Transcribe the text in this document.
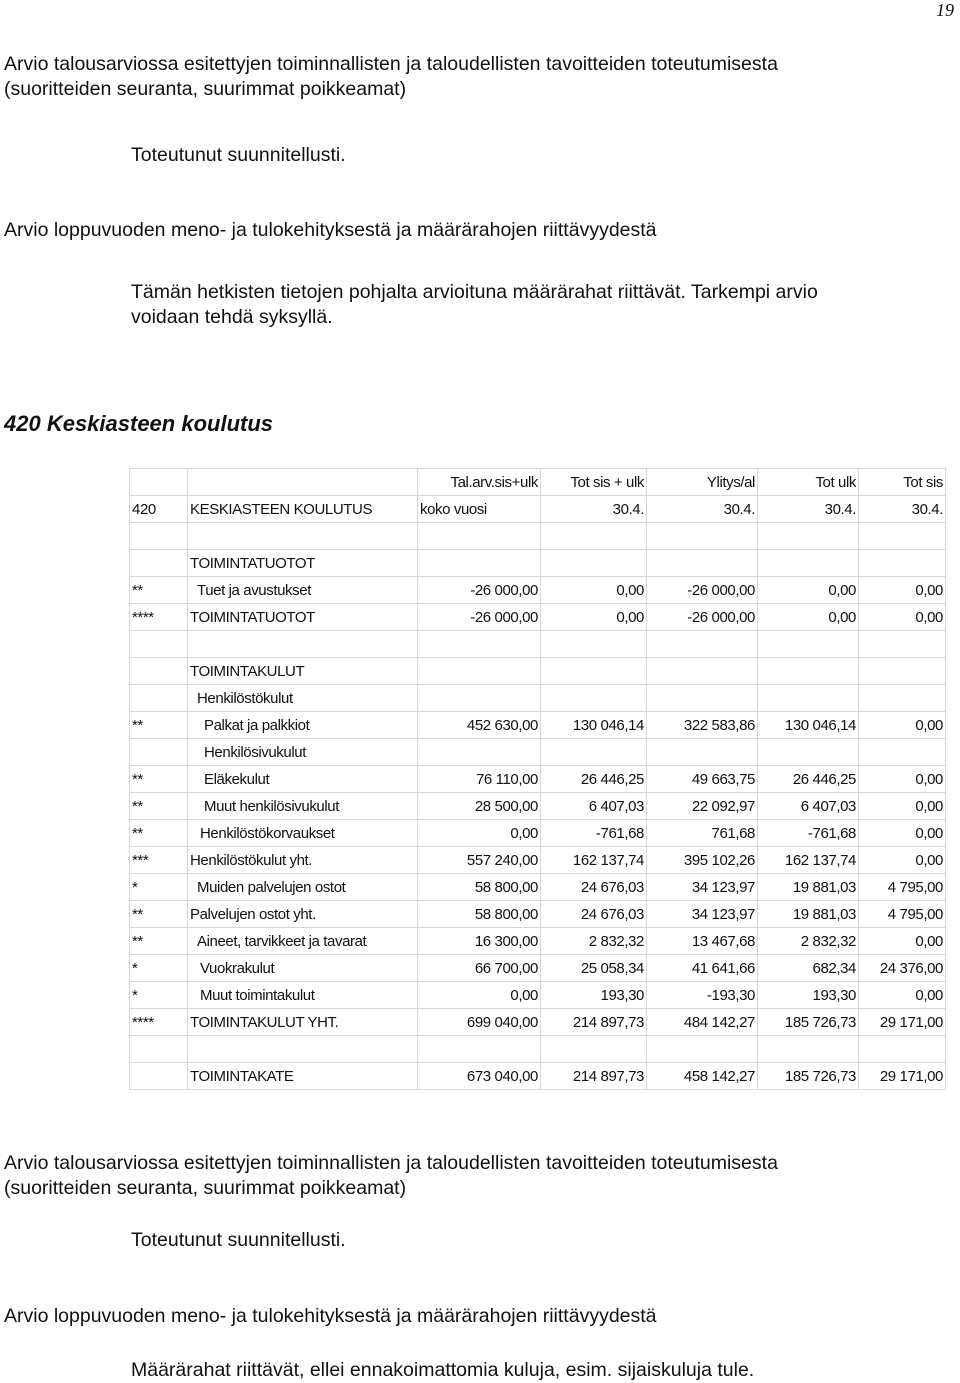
19
Arvio talousarviossa esitettyjen toiminnallisten ja taloudellisten tavoitteiden toteutumisesta
(suoritteiden seuranta, suurimmat poikkeamat)
Toteutunut suunnitellusti.
Arvio loppuvuoden meno- ja tulokehityksestä ja määrärahojen riittävyydestä
Tämän hetkisten tietojen pohjalta arvioituna määrärahat riittävät. Tarkempi arvio
voidaan tehdä syksyllä.
420 Keskiasteen koulutus
		Tal.arv.sis+ulk	Tot sis + ulk	Ylitys/al	Tot ulk	Tot sis
420	KESKIASTEEN KOULUTUS	koko vuosi	30.4.	30.4.	30.4.	30.4.

	TOIMINTATUOTOT					
**	Tuet ja avustukset	-26 000,00	0,00	-26 000,00	0,00	0,00
****	TOIMINTATUOTOT	-26 000,00	0,00	-26 000,00	0,00	0,00

	TOIMINTAKULUT					
	Henkilöstökulut					
**	Palkat ja palkkiot	452 630,00	130 046,14	322 583,86	130 046,14	0,00
	Henkilösivukulut					
**	Eläkekulut	76 110,00	26 446,25	49 663,75	26 446,25	0,00
**	Muut henkilösivukulut	28 500,00	6 407,03	22 092,97	6 407,03	0,00
**	Henkilöstökorvaukset	0,00	-761,68	761,68	-761,68	0,00
***	Henkilöstökulut yht.	557 240,00	162 137,74	395 102,26	162 137,74	0,00
*	Muiden palvelujen ostot	58 800,00	24 676,03	34 123,97	19 881,03	4 795,00
**	Palvelujen ostot yht.	58 800,00	24 676,03	34 123,97	19 881,03	4 795,00
**	Aineet, tarvikkeet ja tavarat	16 300,00	2 832,32	13 467,68	2 832,32	0,00
*	Vuokrakulut	66 700,00	25 058,34	41 641,66	682,34	24 376,00
*	Muut toimintakulut	0,00	193,30	-193,30	193,30	0,00
****	TOIMINTAKULUT YHT.	699 040,00	214 897,73	484 142,27	185 726,73	29 171,00

	TOIMINTAKATE	673 040,00	214 897,73	458 142,27	185 726,73	29 171,00
Arvio talousarviossa esitettyjen toiminnallisten ja taloudellisten tavoitteiden toteutumisesta
(suoritteiden seuranta, suurimmat poikkeamat)
Toteutunut suunnitellusti.
Arvio loppuvuoden meno- ja tulokehityksestä ja määrärahojen riittävyydestä
Määrärahat riittävät, ellei ennakoimattomia kuluja, esim. sijaiskuluja tule.
